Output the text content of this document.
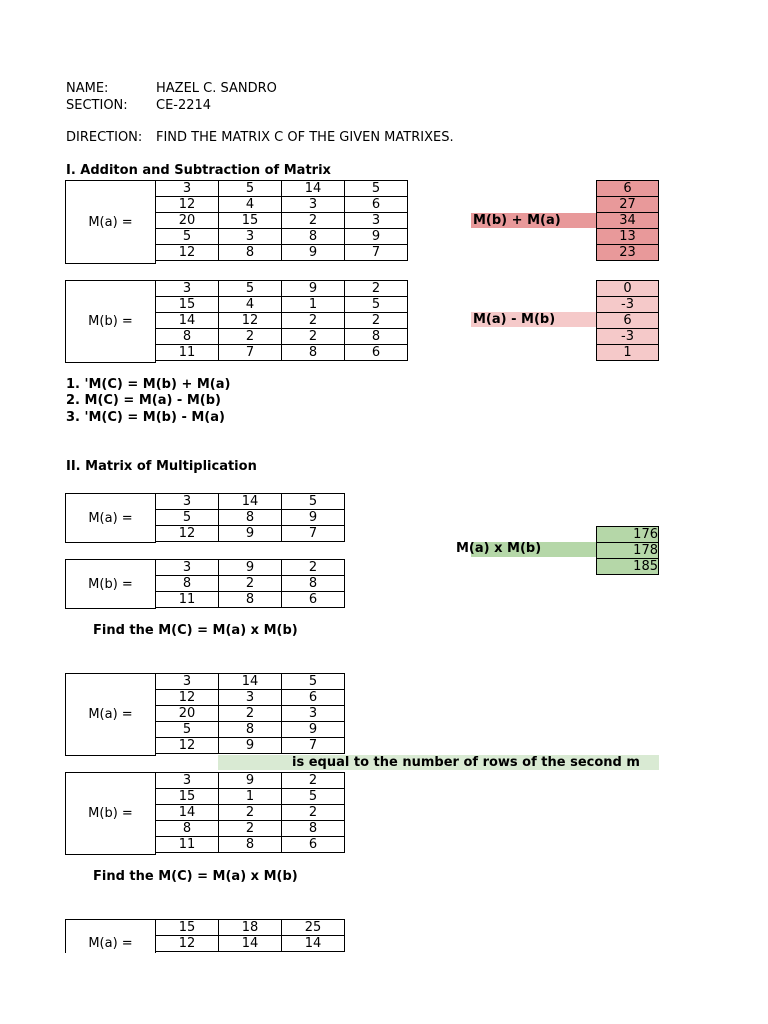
NAME:	HAZEL C. SANDRO
SECTION: CE-2214
DIRECTION: FIND THE MATRIX C OF THE GIVEN MATRIXES.
I. Additon and Subtraction of Matrix
M(a) =
3	5	14	5
12	4	3	6
20	15	2	3
5	3	8	9
12	8	9	7
M(b) + M(a)
6
27
34
13
23
M(b) =
3	5	9	2
15	4	1	5
14	12	2	2
8	2	2	8
11	7	8	6
M(a) - M(b)
0
-3
6
-3
1
1. 'M(C) = M(b) + M(a)
2. M(C) = M(a) - M(b)
3. 'M(C) = M(b) - M(a)
II. Matrix of Multiplication
M(a) =
3	14	5
5	8	9
12	9	7
M(b) =
3	9	2
8	2	8
11	8	6
M(a) x M(b)
176
178
185
Find the M(C) = M(a) x M(b)
M(a) =
3	14	5
12	3	6
20	2	3
5	8	9
12	9	7
is equal to the number of rows of the second m
M(b) =
3	9	2
15	1	5
14	2	2
8	2	8
11	8	6
Find the M(C) = M(a) x M(b)
M(a) =
15	18	25
12	14	14
